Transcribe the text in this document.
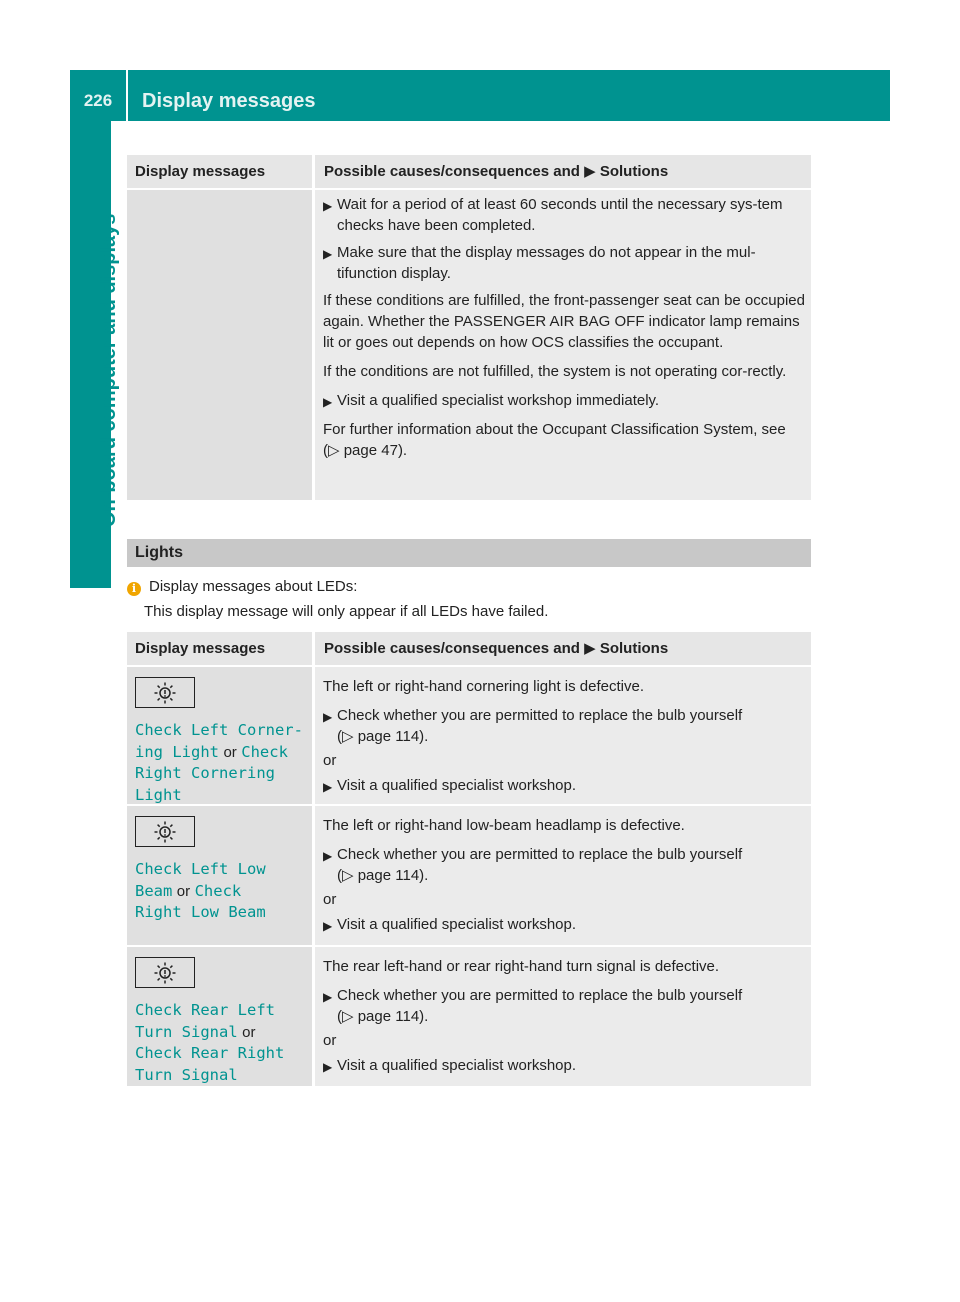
226	Display messages
On-board computer and displays
Display messages	Possible causes/consequences and ▶ Solutions
▶ Wait for a period of at least 60 seconds until the necessary sys-tem checks have been completed.
▶ Make sure that the display messages do not appear in the mul-tifunction display.
If these conditions are fulfilled, the front-passenger seat can be occupied again. Whether the PASSENGER AIR BAG OFF indicator lamp remains lit or goes out depends on how OCS classifies the occupant.
If the conditions are not fulfilled, the system is not operating cor-rectly.
▶ Visit a qualified specialist workshop immediately.
For further information about the Occupant Classification System, see (▷ page 47).
Lights
i Display messages about LEDs:
This display message will only appear if all LEDs have failed.
Display messages	Possible causes/consequences and ▶ Solutions
Check Left Corner‐
ing Light or Check
Right Cornering
Light
The left or right-hand cornering light is defective.
▶ Check whether you are permitted to replace the bulb yourself
(▷ page 114).
or
▶ Visit a qualified specialist workshop.
Check Left Low
Beam or Check
Right Low Beam
The left or right-hand low-beam headlamp is defective.
▶ Check whether you are permitted to replace the bulb yourself
(▷ page 114).
or
▶ Visit a qualified specialist workshop.
Check Rear Left
Turn Signal or
Check Rear Right
Turn Signal
The rear left-hand or rear right-hand turn signal is defective.
▶ Check whether you are permitted to replace the bulb yourself
(▷ page 114).
or
▶ Visit a qualified specialist workshop.
